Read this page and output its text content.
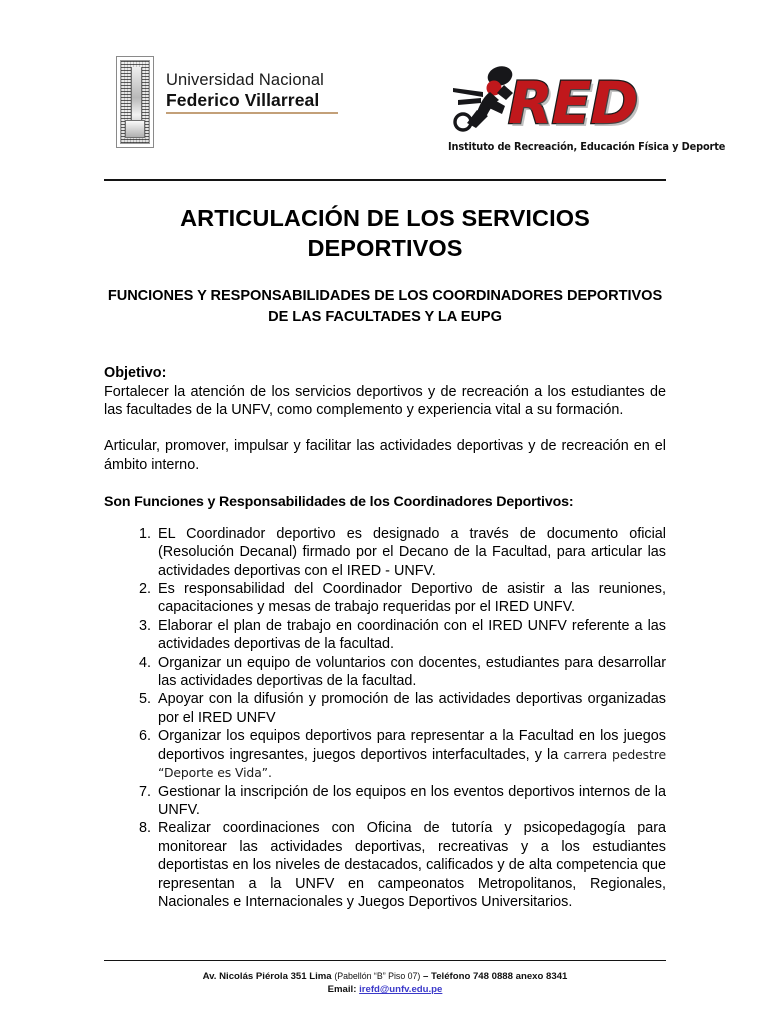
Universidad Nacional
Federico Villarreal	RED
Instituto de Recreación, Educación Física y Deporte
ARTICULACIÓN DE LOS SERVICIOS DEPORTIVOS
FUNCIONES Y RESPONSABILIDADES DE LOS COORDINADORES DEPORTIVOS DE LAS FACULTADES Y LA EUPG
Objetivo:

Fortalecer la atención de los servicios deportivos y de recreación a los estudiantes de las facultades de la UNFV, como complemento y experiencia vital a su formación.

Articular, promover, impulsar y facilitar las actividades deportivas y de recreación en el ámbito interno.

Son Funciones y Responsabilidades de los Coordinadores Deportivos:
EL Coordinador deportivo es designado a través de documento oficial (Resolución Decanal) firmado por el Decano de la Facultad, para articular las actividades deportivas con el IRED - UNFV.
Es responsabilidad del Coordinador Deportivo de asistir a las reuniones, capacitaciones y mesas de trabajo requeridas por el IRED UNFV.
Elaborar el plan de trabajo en coordinación con el IRED UNFV referente a las actividades deportivas de la facultad.
Organizar un equipo de voluntarios con docentes, estudiantes para desarrollar las actividades deportivas de la facultad.
Apoyar con la difusión y promoción de las actividades deportivas organizadas por el IRED UNFV
Organizar los equipos deportivos para representar a la Facultad en los juegos deportivos ingresantes, juegos deportivos interfacultades, y la carrera pedestre “Deporte es Vida”.
Gestionar la inscripción de los equipos en los eventos deportivos internos de la UNFV.
Realizar coordinaciones con Oficina de tutoría y psicopedagogía para monitorear las actividades deportivas, recreativas y a los estudiantes deportistas en los niveles de destacados, calificados y de alta competencia que representan a la UNFV en campeonatos Metropolitanos, Regionales, Nacionales e Internacionales y Juegos Deportivos Universitarios.
Av. Nicolás Piérola 351 Lima (Pabellón “B” Piso 07) – Teléfono 748 0888 anexo 8341
Email: irefd@unfv.edu.pe
